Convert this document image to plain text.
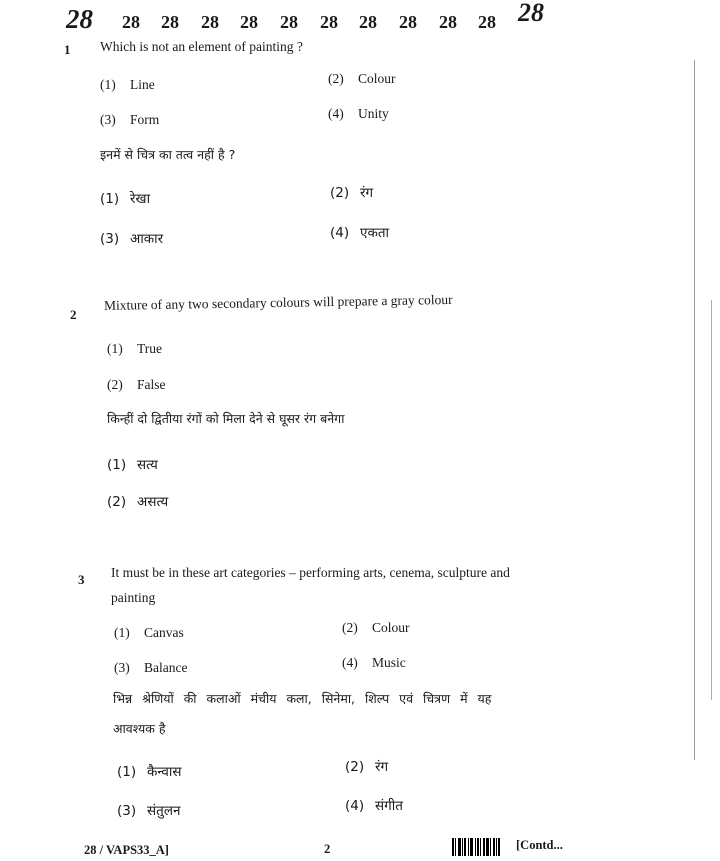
28 28 28 28 28 28 28 28 28 28 28 28
1 Which is not an element of painting ?
(1) Line	(2) Colour
(3) Form	(4) Unity
इनमें से चित्र का तत्व नहीं है ?
(1) रेखा	(2) रंग
(3) आकार	(4) एकता
2
Mixture of any two secondary colours will prepare a gray colour
(1) True
(2) False
किन्हीं दो द्वितीया रंगों को मिला देने से घूसर रंग बनेगा
(1) सत्य
(2) असत्य
3 It must be in these art categories – performing arts, cenema, sculpture and
painting
(1) Canvas	(2) Colour
(3) Balance	(4) Music
भिन्न श्रेणियों की कलाओं मंचीय कला, सिनेमा, शिल्प एवं चित्रण में यह
आवश्यक है
(1) कैन्वास	(2) रंग
(3) संतुलन	(4) संगीत
28 / VAPS33_A]	2	[Contd...
